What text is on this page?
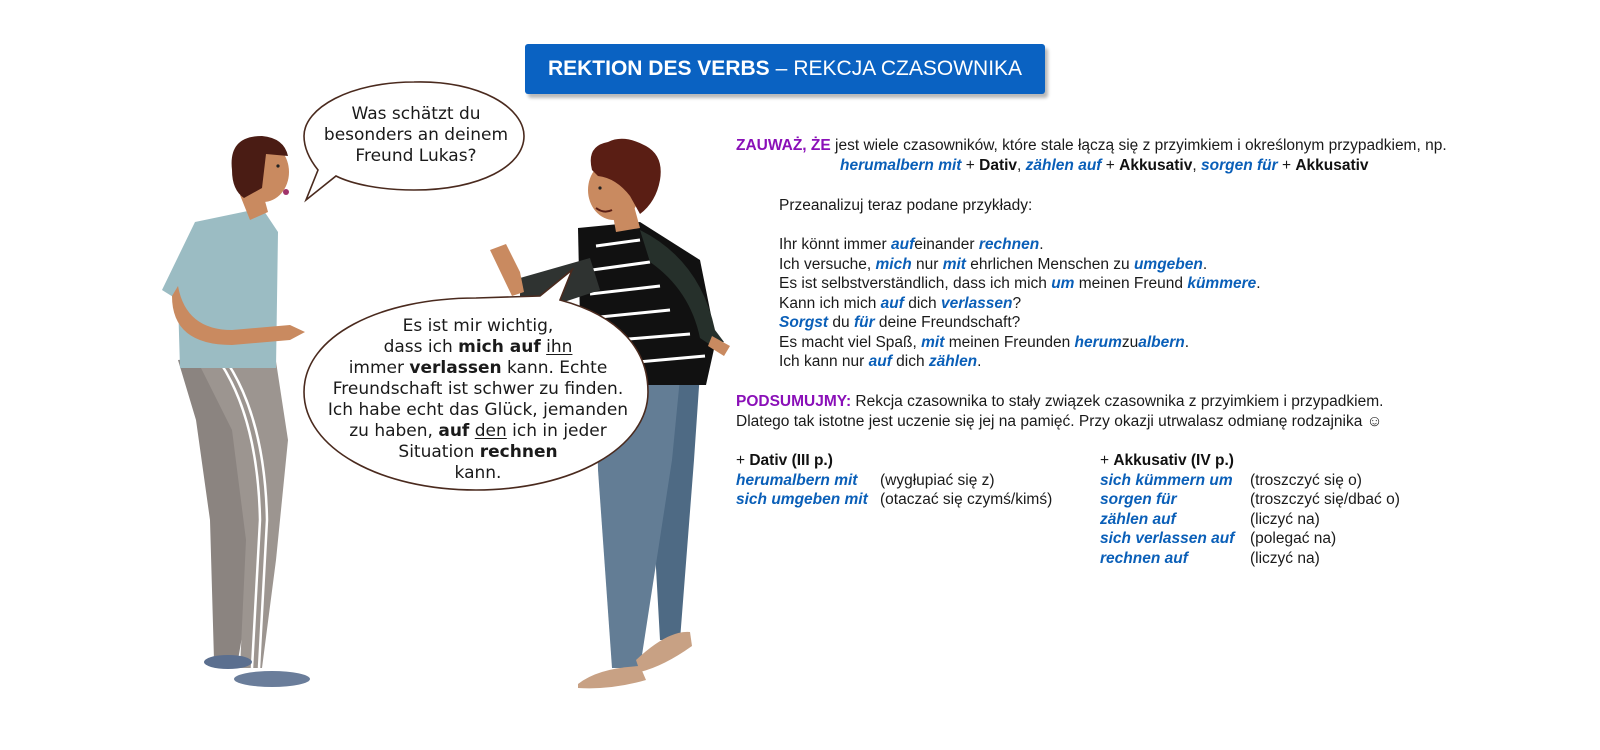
REKTION DES VERBS – REKCJA CZASOWNIKA
Was schätzt du
besonders an deinem
Freund Lukas?
Es ist mir wichtig,
dass ich mich auf ihn
immer verlassen kann. Echte
Freundschaft ist schwer zu finden.
Ich habe echt das Glück, jemanden
zu haben, auf den ich in jeder
Situation rechnen
kann.
ZAUWAŻ, ŻE jest wiele czasowników, które stale łączą się z przyimkiem i określonym przypadkiem, np.
herumalbern mit + Dativ, zählen auf + Akkusativ, sorgen für + Akkusativ
Przeanalizuj teraz podane przykłady:
Ihr könnt immer aufeinander rechnen.
Ich versuche, mich nur mit ehrlichen Menschen zu umgeben.
Es ist selbstverständlich, dass ich mich um meinen Freund kümmere.
Kann ich mich auf dich verlassen?
Sorgst du für deine Freundschaft?
Es macht viel Spaß, mit meinen Freunden herumzualbern.
Ich kann nur auf dich zählen.
PODSUMUJMY: Rekcja czasownika to stały związek czasownika z przyimkiem i przypadkiem.
Dlatego tak istotne jest uczenie się jej na pamięć. Przy okazji utrwalasz odmianę rodzajnika ☺
+ Dativ (III p.)
herumalbern mit (wygłupiać się z)
sich umgeben mit (otaczać się czymś/kimś)
+ Akkusativ (IV p.)
sich kümmern um (troszczyć się o)
sorgen für	(troszczyć się/dbać o)
zählen auf	(liczyć na)
sich verlassen auf (polegać na)
rechnen auf	(liczyć na)
